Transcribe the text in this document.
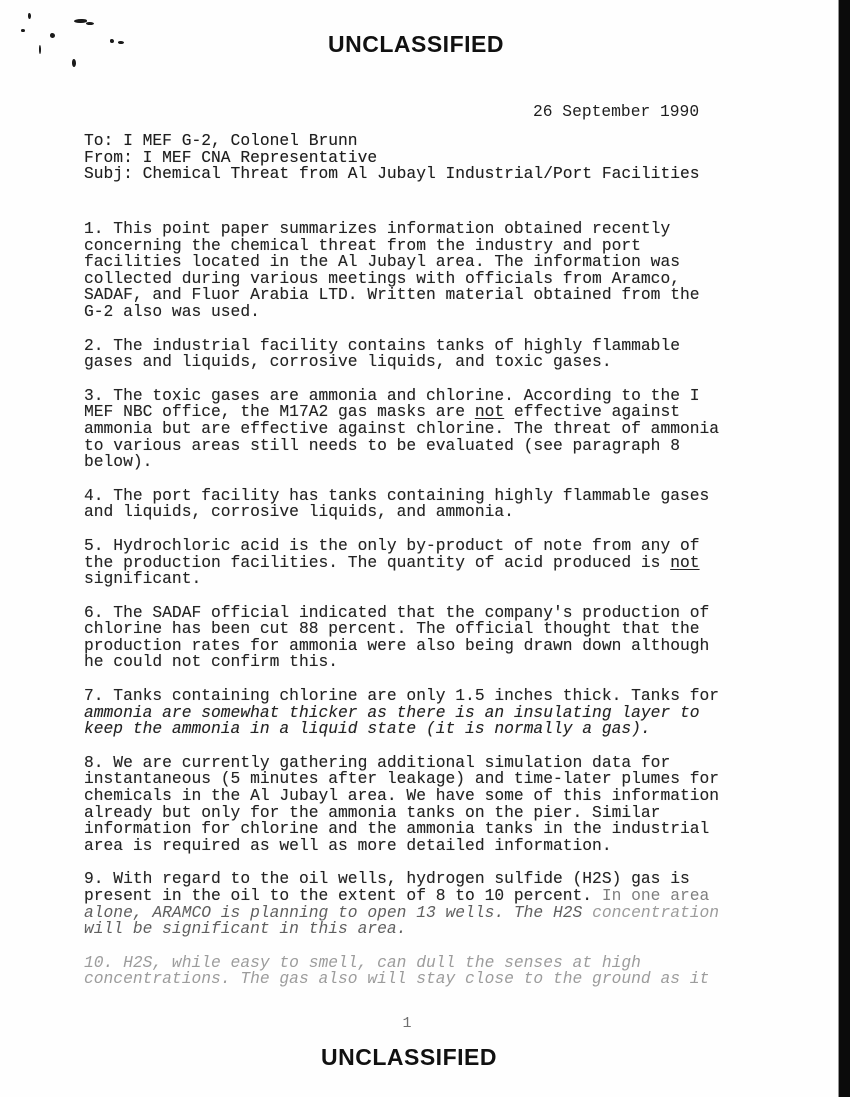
UNCLASSIFIED
26 September 1990
To: I MEF G-2, Colonel Brunn
From: I MEF CNA Representative
Subj: Chemical Threat from Al Jubayl Industrial/Port Facilities
1. This point paper summarizes information obtained recently
concerning the chemical threat from the industry and port
facilities located in the Al Jubayl area. The information was
collected during various meetings with officials from Aramco,
SADAF, and Fluor Arabia LTD. Written material obtained from the
G-2 also was used.
2. The industrial facility contains tanks of highly flammable
gases and liquids, corrosive liquids, and toxic gases.
3. The toxic gases are ammonia and chlorine. According to the I
MEF NBC office, the M17A2 gas masks are not effective against
ammonia but are effective against chlorine. The threat of ammonia
to various areas still needs to be evaluated (see paragraph 8
below).
4. The port facility has tanks containing highly flammable gases
and liquids, corrosive liquids, and ammonia.
5. Hydrochloric acid is the only by-product of note from any of
the production facilities. The quantity of acid produced is not
significant.
6. The SADAF official indicated that the company's production of
chlorine has been cut 88 percent. The official thought that the
production rates for ammonia were also being drawn down although
he could not confirm this.
7. Tanks containing chlorine are only 1.5 inches thick. Tanks for
ammonia are somewhat thicker as there is an insulating layer to
keep the ammonia in a liquid state (it is normally a gas).
8. We are currently gathering additional simulation data for
instantaneous (5 minutes after leakage) and time-later plumes for
chemicals in the Al Jubayl area. We have some of this information
already but only for the ammonia tanks on the pier. Similar
information for chlorine and the ammonia tanks in the industrial
area is required as well as more detailed information.
9. With regard to the oil wells, hydrogen sulfide (H2S) gas is
present in the oil to the extent of 8 to 10 percent. In one area
alone, ARAMCO is planning to open 13 wells. The H2S concentration
will be significant in this area.
10. H2S, while easy to smell, can dull the senses at high
concentrations. The gas also will stay close to the ground as it
1
UNCLASSIFIED
